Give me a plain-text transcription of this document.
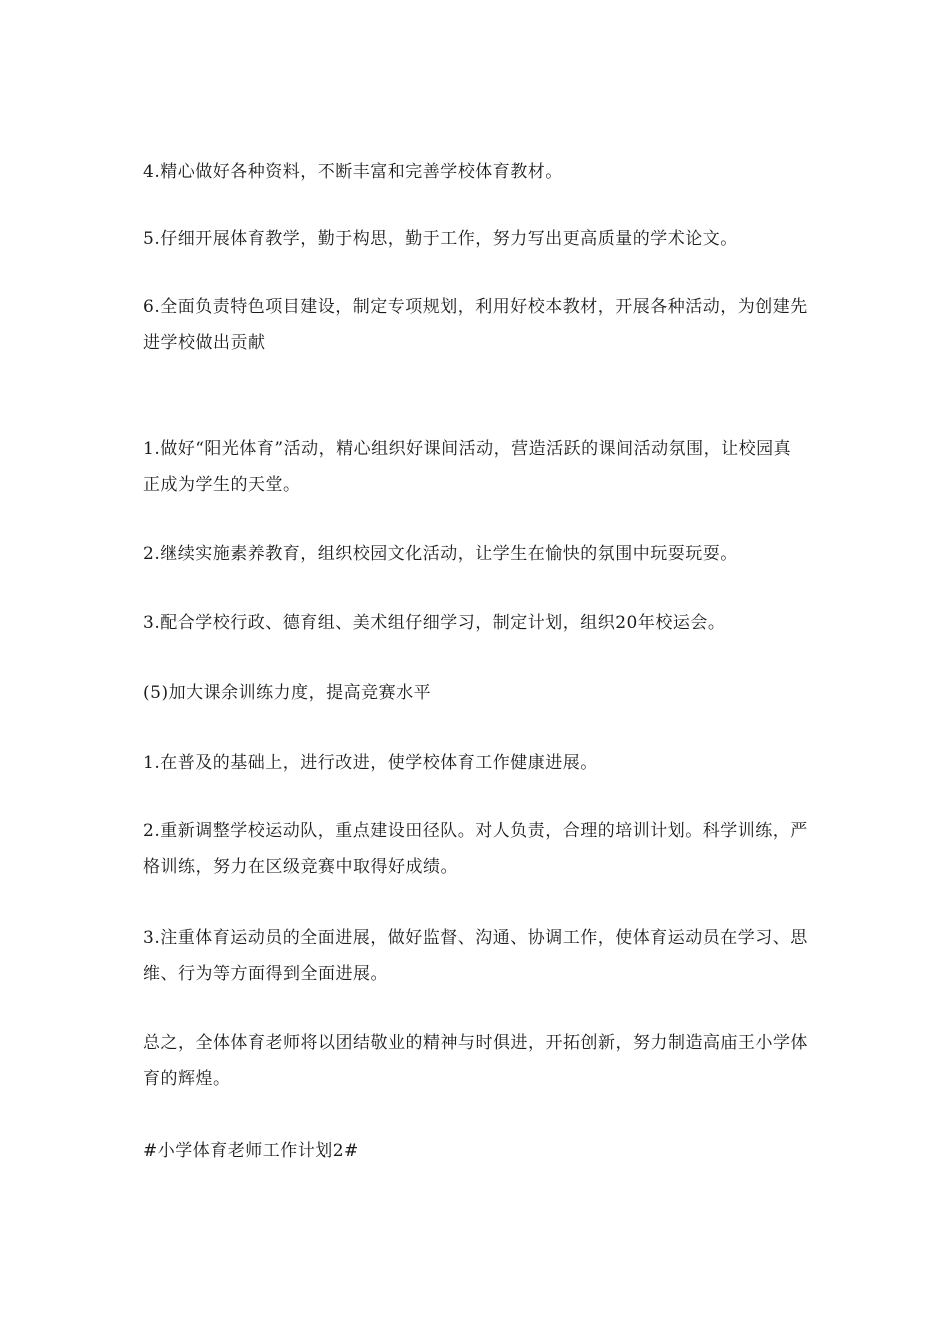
4.精心做好各种资料，不断丰富和完善学校体育教材。

5.仔细开展体育教学，勤于构思，勤于工作，努力写出更高质量的学术论文。

6.全面负责特色项目建设，制定专项规划，利用好校本教材，开展各种活动，为创建先进学校做出贡献

1.做好“阳光体育”活动，精心组织好课间活动，营造活跃的课间活动氛围，让校园真正成为学生的天堂。

2.继续实施素养教育，组织校园文化活动，让学生在愉快的氛围中玩耍玩耍。

3.配合学校行政、德育组、美术组仔细学习，制定计划，组织20年校运会。

(5)加大课余训练力度，提高竞赛水平

1.在普及的基础上，进行改进，使学校体育工作健康进展。

2.重新调整学校运动队，重点建设田径队。对人负责，合理的培训计划。科学训练，严格训练，努力在区级竞赛中取得好成绩。

3.注重体育运动员的全面进展，做好监督、沟通、协调工作，使体育运动员在学习、思维、行为等方面得到全面进展。

总之，全体体育老师将以团结敬业的精神与时俱进，开拓创新，努力制造高庙王小学体育的辉煌。

#小学体育老师工作计划2#
